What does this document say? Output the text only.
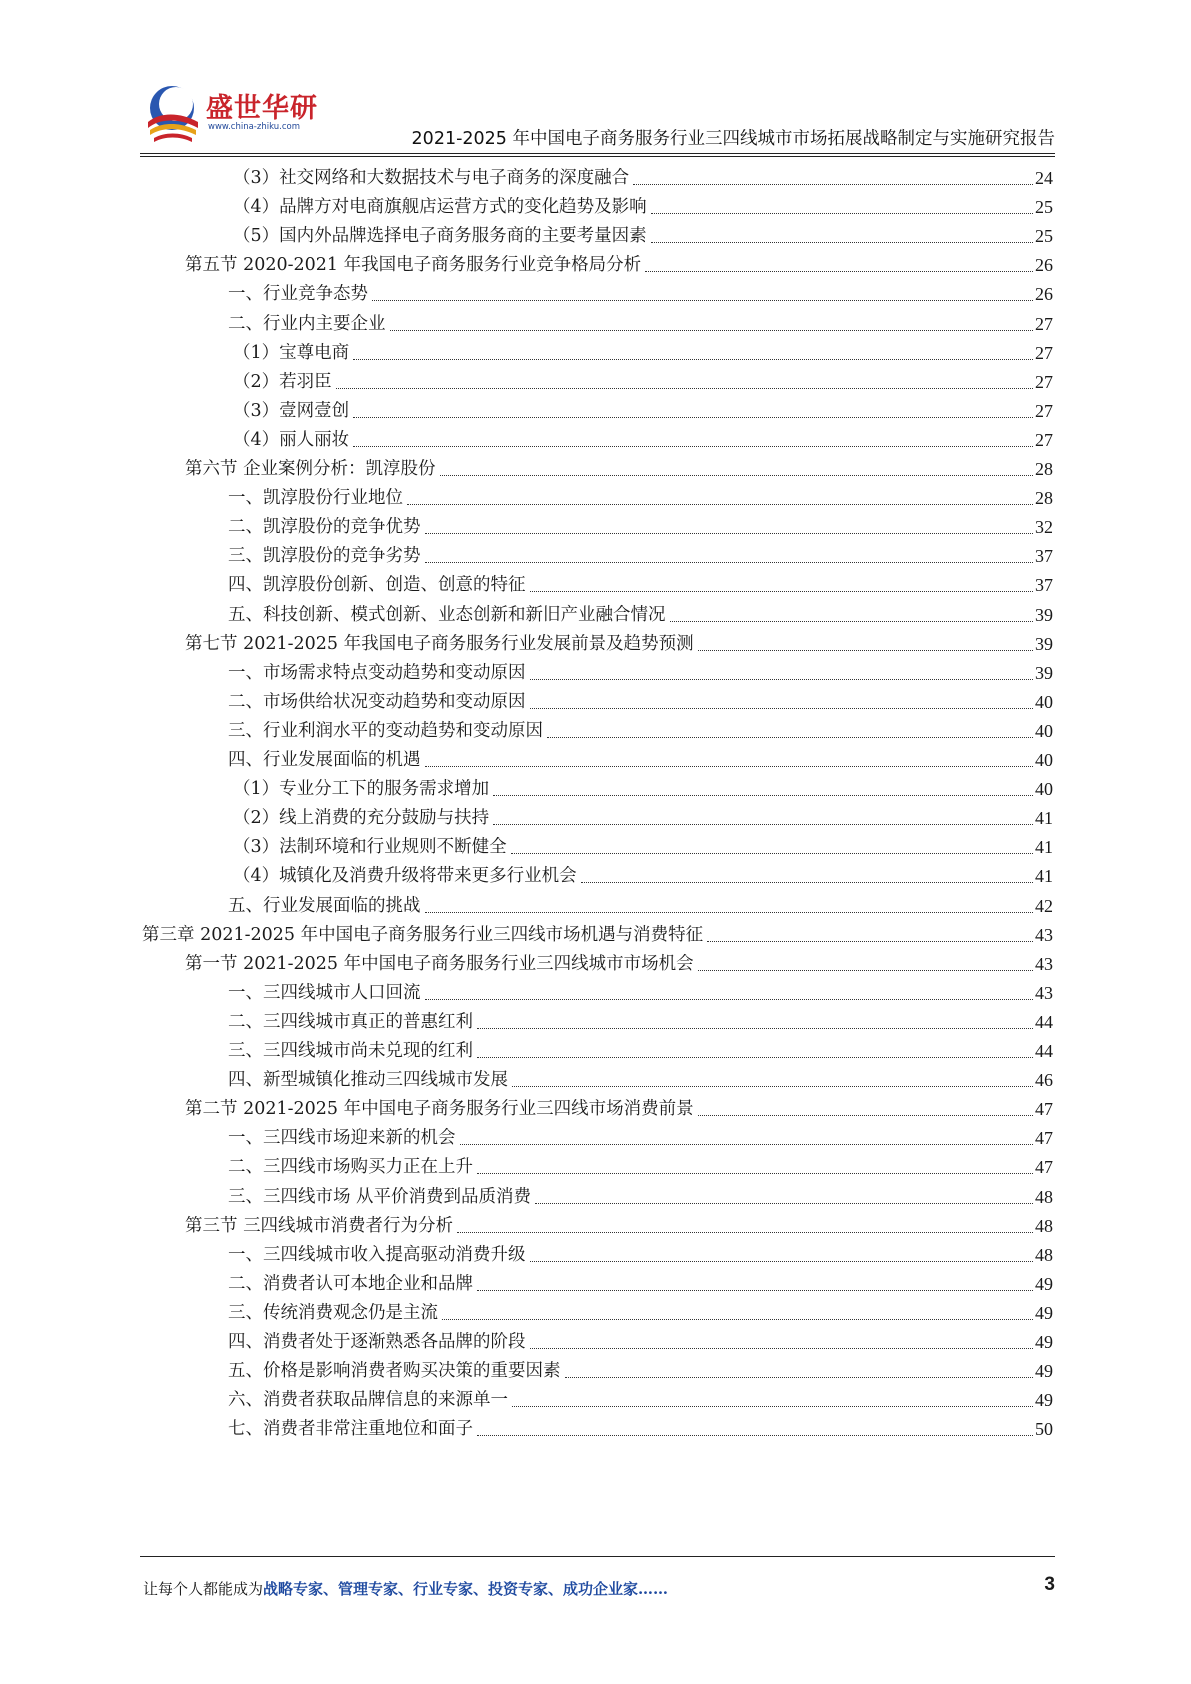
盛世华研
www.china-zhiku.com
2021-2025 年中国电子商务服务行业三四线城市市场拓展战略制定与实施研究报告
（3）社交网络和大数据技术与电子商务的深度融合	24
（4）品牌方对电商旗舰店运营方式的变化趋势及影响	25
（5）国内外品牌选择电子商务服务商的主要考量因素	25
第五节 2020-2021 年我国电子商务服务行业竞争格局分析	26
一、行业竞争态势	26
二、行业内主要企业	27
（1）宝尊电商	27
（2）若羽臣	27
（3）壹网壹创	27
（4）丽人丽妆	27
第六节 企业案例分析：凯淳股份	28
一、凯淳股份行业地位	28
二、凯淳股份的竞争优势	32
三、凯淳股份的竞争劣势	37
四、凯淳股份创新、创造、创意的特征	37
五、科技创新、模式创新、业态创新和新旧产业融合情况	39
第七节 2021-2025 年我国电子商务服务行业发展前景及趋势预测	39
一、市场需求特点变动趋势和变动原因	39
二、市场供给状况变动趋势和变动原因	40
三、行业利润水平的变动趋势和变动原因	40
四、行业发展面临的机遇	40
（1）专业分工下的服务需求增加	40
（2）线上消费的充分鼓励与扶持	41
（3）法制环境和行业规则不断健全	41
（4）城镇化及消费升级将带来更多行业机会	41
五、行业发展面临的挑战	42
第三章 2021-2025 年中国电子商务服务行业三四线市场机遇与消费特征	43
第一节 2021-2025 年中国电子商务服务行业三四线城市市场机会	43
一、三四线城市人口回流	43
二、三四线城市真正的普惠红利	44
三、三四线城市尚未兑现的红利	44
四、新型城镇化推动三四线城市发展	46
第二节 2021-2025 年中国电子商务服务行业三四线市场消费前景	47
一、三四线市场迎来新的机会	47
二、三四线市场购买力正在上升	47
三、三四线市场 从平价消费到品质消费	48
第三节 三四线城市消费者行为分析	48
一、三四线城市收入提高驱动消费升级	48
二、消费者认可本地企业和品牌	49
三、传统消费观念仍是主流	49
四、消费者处于逐渐熟悉各品牌的阶段	49
五、价格是影响消费者购买决策的重要因素	49
六、消费者获取品牌信息的来源单一	49
七、消费者非常注重地位和面子	50
让每个人都能成为战略专家、管理专家、行业专家、投资专家、成功企业家……	3
